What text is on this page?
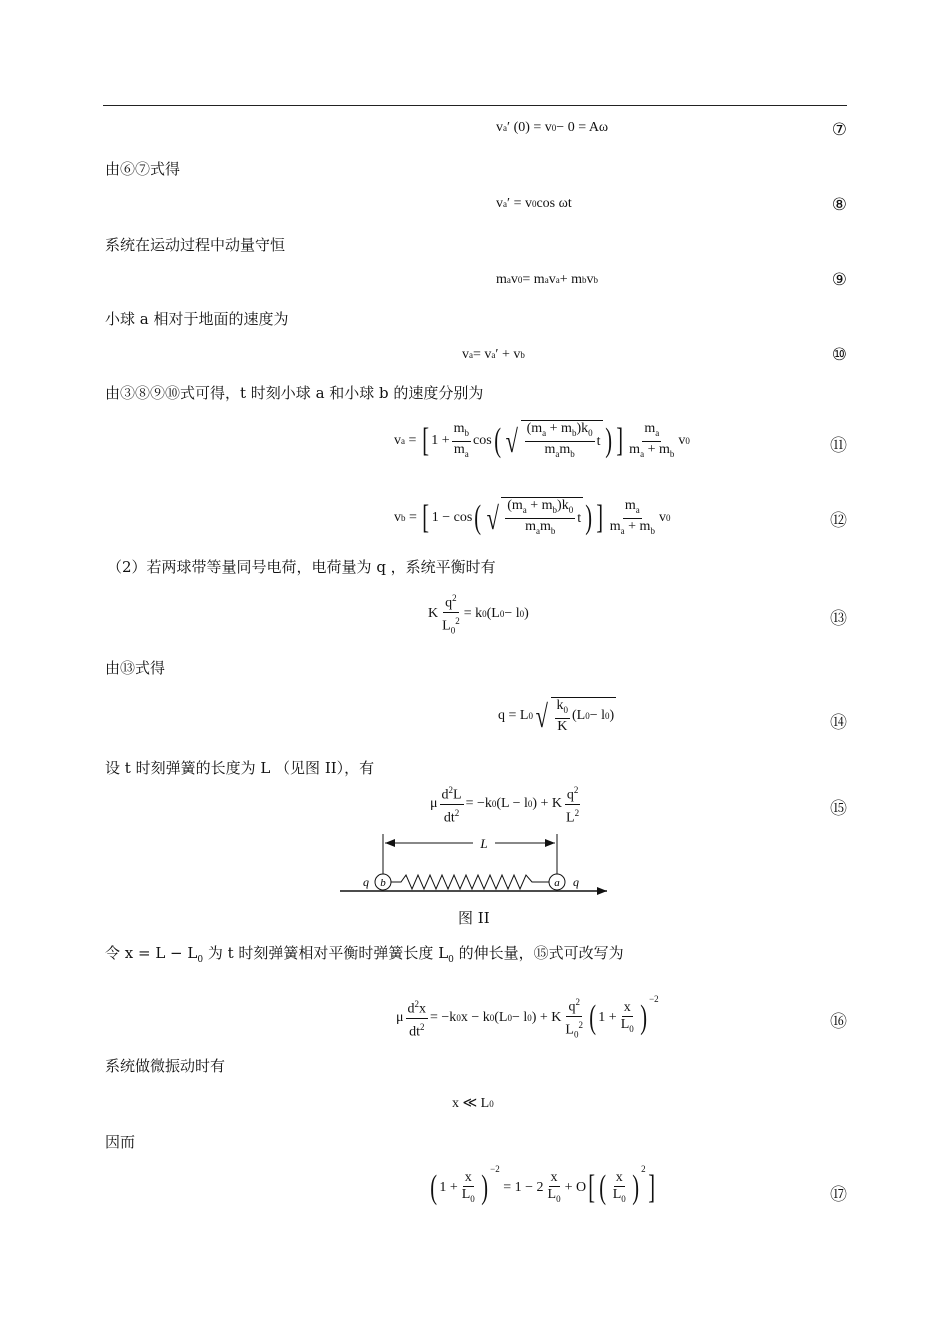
v a ′ (0) = v 0 − 0 = Aω	⑦
由⑥⑦式得
v a ′ = v 0 cos ωt	⑧
系统在运动过程中动量守恒
m a v 0 = m a v a + m b v b	⑨
小球 a 相对于地面的速度为
v a = v a ′ + v b	⑩
由③⑧⑨⑩式可得，t 时刻小球 a 和小球 b 的速度分别为
v a = [ $1 + \frac{m_b}{m_a}$ cos ( √ $\frac{(m_a + m_b)k_0}{m_am_b}$ t ) ] $\frac{m_a}{m_a + m_b}$ v 0	⑪
v b = [ 1 − cos ( √ $\frac{(m_a + m_b)k_0}{m_am_b}$ t ) ] $\frac{m_a}{m_a + m_b}$ v 0	⑫
（2）若两球带等量同号电荷，电荷量为 q ，系统平衡时有
K $\frac{q^2}{L_0^2} = k$ 0 (L 0 − l 0 )	⑬
由⑬式得
q = L 0 √ $\frac{k_0}{K} (L$ 0 − l 0 )	⑭
设 t 时刻弹簧的长度为 L （见图 II），有
μ $\frac{d^2L}{dt^2} = -k$ 0 (L − l 0 ) + K $\frac{q^2}{L^2}$	⑮
L
b	a
q	q
图 II
令 $x = L - L_0$ 为 t 时刻弹簧相对平衡时弹簧长度 $L_0$ 的伸长量，⑮式可改写为
μ $\frac{d^2x}{dt^2} = -k$ 0 x − k 0 (L 0 − l 0 ) + K $\frac{q^2}{L_0^2}$ ( $1 + \frac{x}{L_0}$ ) $^{-2}$
⑯
系统做微振动时有
x ≪ L 0
因而
( $1 + \frac{x}{L_0}$ ) $^{-2}$
= $1 - 2 \frac{x}{L_0} + O$ [ ( $\frac{x}{L_0}$ ) $^2$ ]	⑰
